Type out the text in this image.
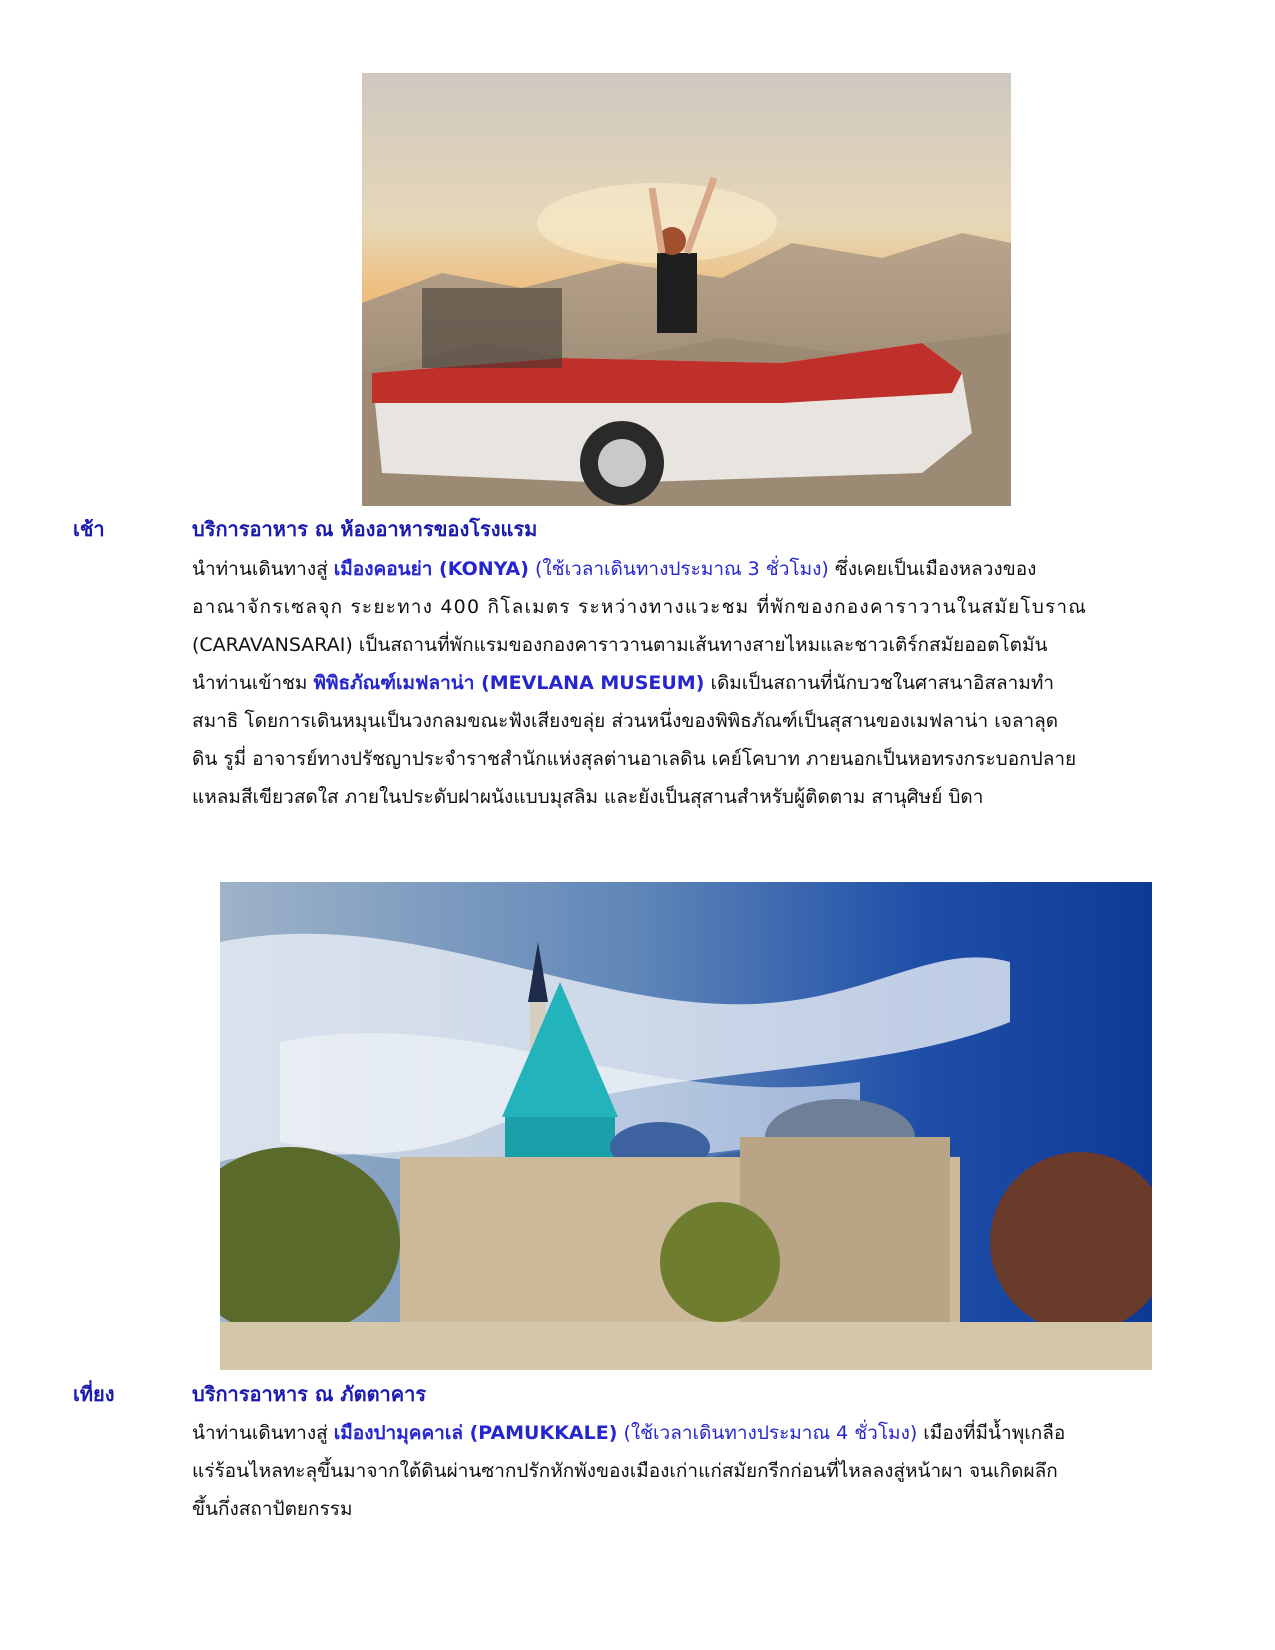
เช้า	บริการอาหาร ณ ห้องอาหารของโรงแรม
นำท่านเดินทางสู่ เมืองคอนย่า (KONYA) (ใช้เวลาเดินทางประมาณ 3 ชั่วโมง) ซึ่งเคยเป็นเมืองหลวงของ
อาณาจักรเซลจุก ระยะทาง 400 กิโลเมตร ระหว่างทางแวะชม ที่พักของกองคาราวานในสมัยโบราณ
(CARAVANSARAI) เป็นสถานที่พักแรมของกองคาราวานตามเส้นทางสายไหมและชาวเติร์กสมัยออตโตมัน
นำท่านเข้าชม พิพิธภัณฑ์เมฟลาน่า (MEVLANA MUSEUM) เดิมเป็นสถานที่นักบวชในศาสนาอิสลามทำ
สมาธิ โดยการเดินหมุนเป็นวงกลมขณะฟังเสียงขลุ่ย ส่วนหนึ่งของพิพิธภัณฑ์เป็นสุสานของเมฟลาน่า เจลาลุด
ดิน รูมี่ อาจารย์ทางปรัชญาประจำราชสำนักแห่งสุลต่านอาเลดิน เคย์โคบาท ภายนอกเป็นหอทรงกระบอกปลาย
แหลมสีเขียวสดใส ภายในประดับฝาผนังแบบมุสลิม และยังเป็นสุสานสำหรับผู้ติดตาม สานุศิษย์ บิดา
เที่ยง	บริการอาหาร ณ ภัตตาคาร
นำท่านเดินทางสู่ เมืองปามุคคาเล่ (PAMUKKALE) (ใช้เวลาเดินทางประมาณ 4 ชั่วโมง) เมืองที่มีน้ำพุเกลือ
แร่ร้อนไหลทะลุขึ้นมาจากใต้ดินผ่านซากปรักหักพังของเมืองเก่าแก่สมัยกรีกก่อนที่ไหลลงสู่หน้าผา จนเกิดผลึก
ขึ้นกึ่งสถาปัตยกรรม
